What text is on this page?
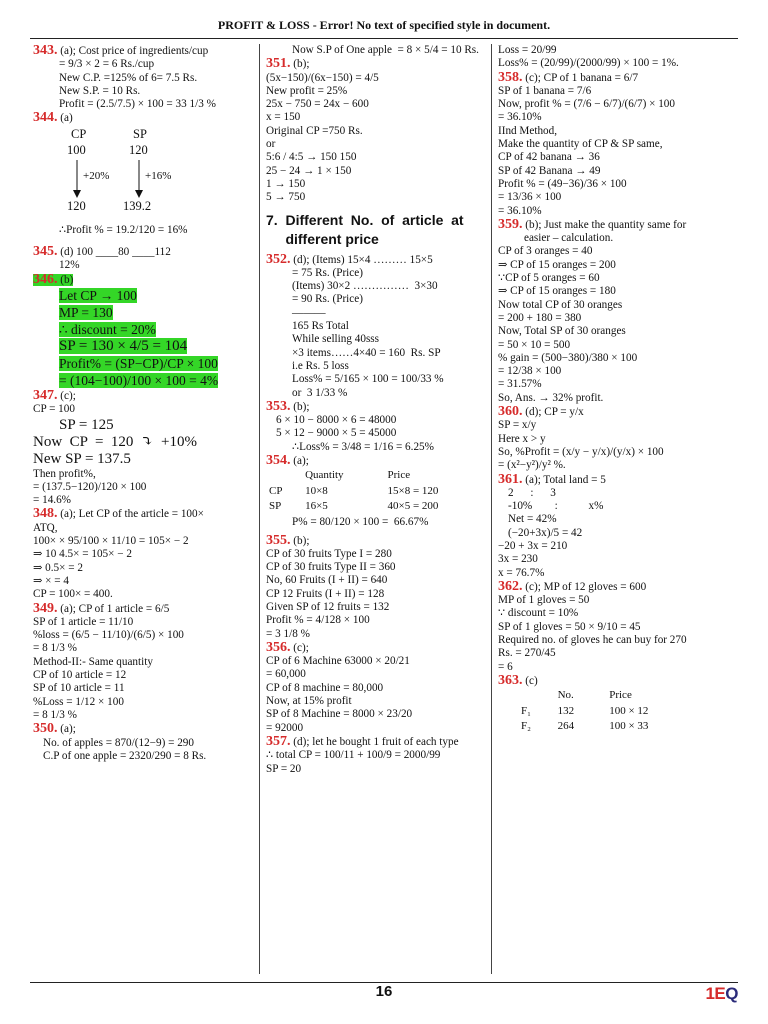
PROFIT & LOSS - Error! No text of specified style in document.
343. (a); Cost price of ingredients/cup
= 9/3 × 2 = 6 Rs./cup
New C.P. =125% of 6= 7.5 Rs.
New S.P. = 10 Rs.
Profit = (2.5/7.5) × 100 = 33 1/3 %
344. (a)
CP	SP
100	120
+20%	+16%
120	139.2
∴Profit % = 19.2/120 = 16%
345. (d) 100 ____80 ____112
12%
346. (b)
Let CP → 100
MP = 130
∴ discount = 20%
SP = 130 × 4/5 = 104
Profit% = (SP−CP)/CP × 100
= (104−100)/100 × 100 = 4%
347. (c);
CP = 100
SP = 125
Now  CP  =  120  ⤵  +10%
New SP = 137.5
Then profit%,
= (137.5−120)/120 × 100
= 14.6%
348. (a); Let CP of the article = 100×
ATQ,
100× × 95/100 × 11/10 = 105× − 2
⇒ 10 4.5× = 105× − 2
⇒ 0.5× = 2
⇒ × = 4
CP = 100× = 400.
349. (a); CP of 1 article = 6/5
SP of 1 article = 11/10
%loss = (6/5 − 11/10)/(6/5) × 100
= 8 1/3 %
Method-II:- Same quantity
CP of 10 article = 12
SP of 10 article = 11
%Loss = 1/12 × 100
= 8 1/3 %
350. (a);
No. of apples = 870/(12−9) = 290
C.P of one apple = 2320/290 = 8 Rs.
Now S.P of One apple  = 8 × 5/4 = 10 Rs.
351. (b);
(5x−150)/(6x−150) = 4/5
New profit = 25%
25x − 750 = 24x − 600
x = 150
Original CP =750 Rs.
or
5:6 / 4:5 → 150 150
25 − 24 → 1 × 150
1 → 150
5 → 750
7.  Different  No.  of  article  at
different price
352. (d); (Items) 15×4 ……… 15×5
= 75 Rs. (Price)
(Items) 30×2 ……………  3×30
= 90 Rs. (Price)
———
165 Rs Total
While selling 40sss
×3 items……4×40 = 160  Rs. SP
i.e Rs. 5 loss
Loss% = 5/165 × 100 = 100/33 %
or  3 1/33 %
353. (b);
6 × 10 − 8000 × 6 = 48000
5 × 12 − 9000 × 5 = 45000
∴Loss% = 3/48 = 1/16 = 6.25%
354. (a);
	Quantity	Price
CP	10×8	15×8 = 120
SP	16×5	40×5 = 200
P% = 80/120 × 100 =  66.67%
355. (b);
CP of 30 fruits Type I = 280
CP of 30 fruits Type II = 360
No, 60 Fruits (I + II) = 640
CP 12 Fruits (I + II) = 128
Given SP of 12 fruits = 132
Profit % = 4/128 × 100
= 3 1/8 %
356. (c);
CP of 6 Machine 63000 × 20/21
= 60,000
CP of 8 machine = 80,000
Now, at 15% profit
SP of 8 Machine = 8000 × 23/20
= 92000
357. (d); let he bought 1 fruit of each type
∴ total CP = 100/11 + 100/9 = 2000/99
SP = 20
Loss = 20/99
Loss% = (20/99)/(2000/99) × 100 = 1%.
358. (c); CP of 1 banana = 6/7
SP of 1 banana = 7/6
Now, profit % = (7/6 − 6/7)/(6/7) × 100
= 36.10%
IInd Method,
Make the quantity of CP & SP same,
CP of 42 banana → 36
SP of 42 Banana → 49
Profit % = (49−36)/36 × 100
= 13/36 × 100
= 36.10%
359. (b); Just make the quantity same for
easier – calculation.
CP of 3 oranges = 40
⇒ CP of 15 oranges = 200
∵CP of 5 oranges = 60
⇒ CP of 15 oranges = 180
Now total CP of 30 oranges
= 200 + 180 = 380
Now, Total SP of 30 oranges
= 50 × 10 = 500
% gain = (500−380)/380 × 100
= 12/38 × 100
= 31.57%
So, Ans. → 32% profit.
360. (d); CP = y/x
SP = x/y
Here x > y
So, %Profit = (x/y − y/x)/(y/x) × 100
= (x²−y²)/y² %.
361. (a); Total land = 5
2      :      3
-10%        :           x%
Net = 42%
(−20+3x)/5 = 42
−20 + 3x = 210
3x = 230
x = 76.7%
362. (c); MP of 12 gloves = 600
MP of 1 gloves = 50
∵ discount = 10%
SP of 1 gloves = 50 × 9/10 = 45
Required no. of gloves he can buy for 270
Rs. = 270/45
= 6
363. (c)
	No.	Price
F₁	132	100 × 12
F₂	264	100 × 33
16	1EQ
